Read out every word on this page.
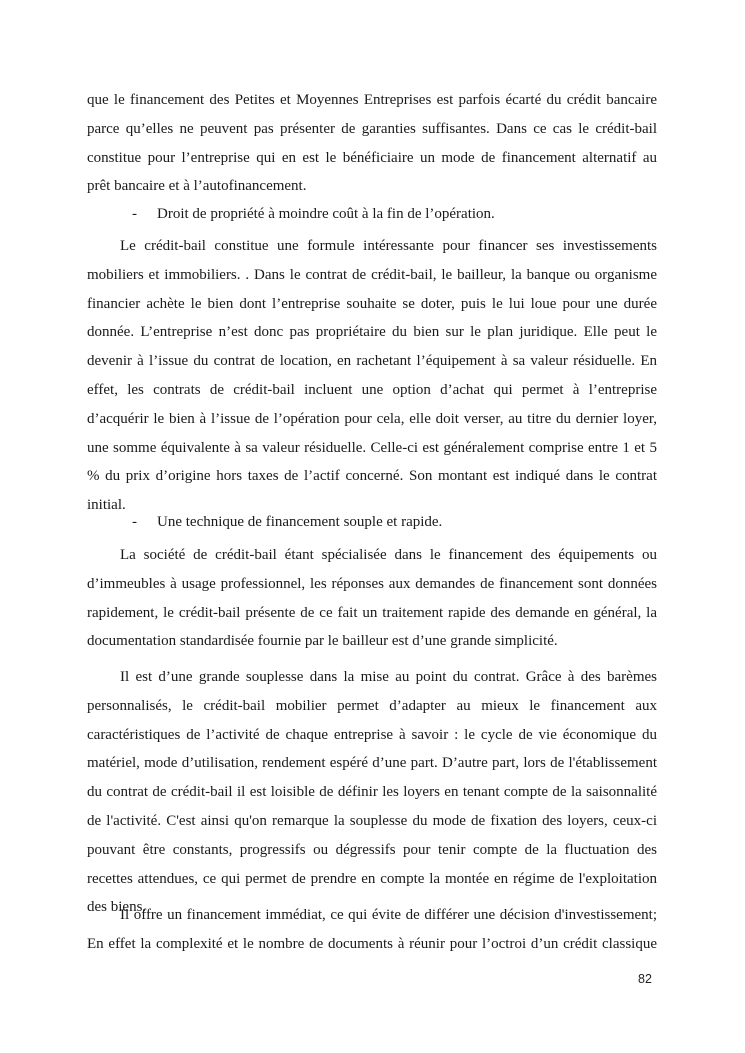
- Droit de propriété à moindre coût à la fin de l’opération.
- Une technique de financement souple et rapide.
82
que le financement des Petites et Moyennes Entreprises est parfois écarté du crédit bancaire
parce qu’elles ne peuvent pas présenter de garanties suffisantes. Dans ce cas le crédit-bail
constitue pour l’entreprise qui en est le bénéficiaire un mode de financement alternatif au
prêt bancaire et à l’autofinancement.
Le crédit-bail constitue une formule intéressante pour financer ses investissements
mobiliers et immobiliers. . Dans le contrat de crédit-bail, le bailleur, la banque ou organisme
financier achète le bien dont l’entreprise souhaite se doter, puis le lui loue pour une durée
donnée. L’entreprise n’est donc pas propriétaire du bien sur le plan juridique. Elle peut le
devenir à l’issue du contrat de location, en rachetant l’équipement à sa valeur résiduelle. En
effet, les contrats de crédit-bail incluent une option d’achat qui permet à l’entreprise
d’acquérir le bien à l’issue de l’opération pour cela, elle doit verser, au titre du dernier loyer,
une somme équivalente à sa valeur résiduelle. Celle-ci est généralement comprise entre 1 et 5
% du prix d’origine hors taxes de l’actif concerné. Son montant est indiqué dans le contrat
initial.
La société de crédit-bail étant spécialisée dans le financement des équipements ou
d’immeubles à usage professionnel, les réponses aux demandes de financement sont données
rapidement, le crédit-bail présente de ce fait un traitement rapide des demande en général, la
documentation standardisée fournie par le bailleur est d’une grande simplicité.
Il est d’une grande souplesse dans la mise au point du contrat. Grâce à des barèmes
personnalisés, le crédit-bail mobilier permet d’adapter au mieux le financement aux
caractéristiques de l’activité de chaque entreprise à savoir : le cycle de vie économique du
matériel, mode d’utilisation, rendement espéré d’une part. D’autre part, lors de l'établissement
du contrat de crédit-bail il est loisible de définir les loyers en tenant compte de la saisonnalité
de l'activité. C'est ainsi qu'on remarque la souplesse du mode de fixation des loyers, ceux-ci
pouvant être constants, progressifs ou dégressifs pour tenir compte de la fluctuation des
recettes attendues, ce qui permet de prendre en compte la montée en régime de l'exploitation
des biens.
Il offre un financement immédiat, ce qui évite de différer une décision d'investissement;
En effet la complexité et le nombre de documents à réunir pour l’octroi d’un crédit classique
